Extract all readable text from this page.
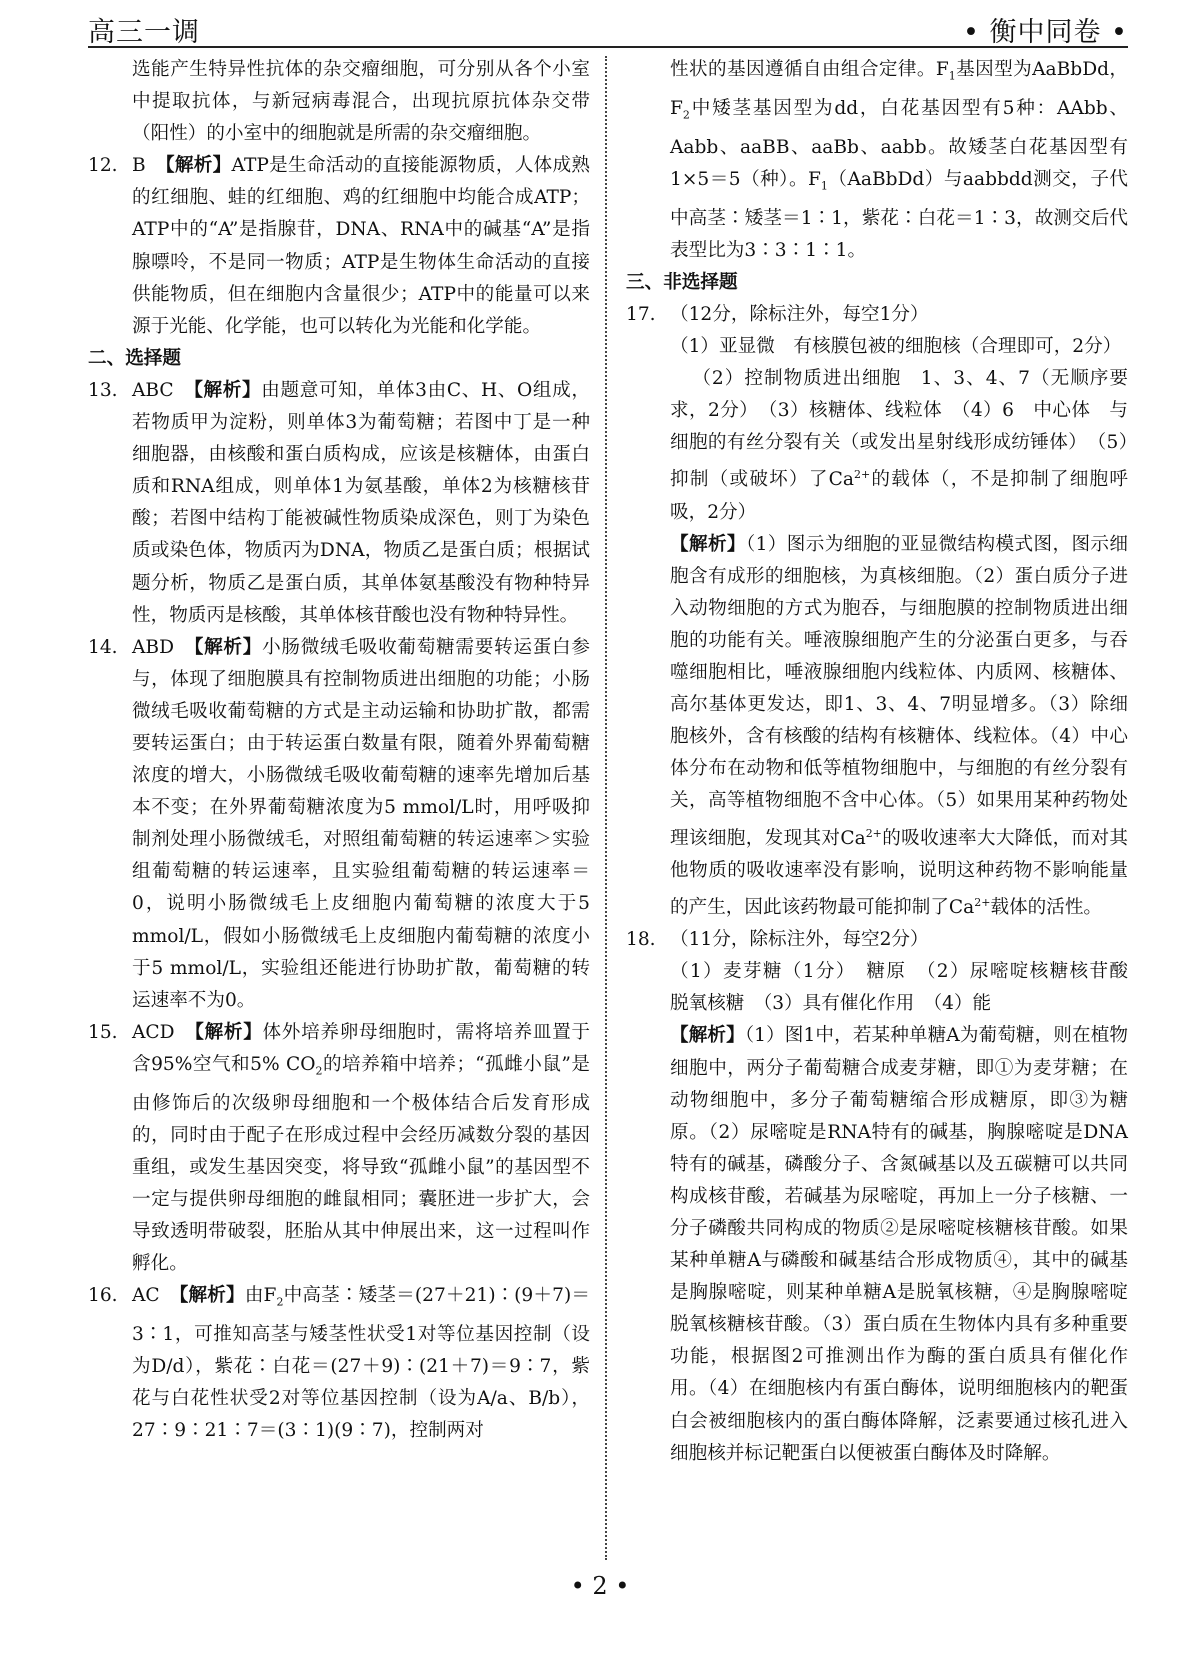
高三一调	• 衡中同卷 •

选能产生特异性抗体的杂交瘤细胞，可分别从各个小室中提取抗体，与新冠病毒混合，出现抗原抗体杂交带（阳性）的小室中的细胞就是所需的杂交瘤细胞。

12. B 【解析】ATP是生命活动的直接能源物质，人体成熟的红细胞、蛙的红细胞、鸡的红细胞中均能合成ATP；ATP中的“A”是指腺苷，DNA、RNA中的碱基“A”是指腺嘌呤，不是同一物质；ATP是生物体生命活动的直接供能物质，但在细胞内含量很少；ATP中的能量可以来源于光能、化学能，也可以转化为光能和化学能。

二、选择题

13. ABC 【解析】由题意可知，单体3由C、H、O组成，若物质甲为淀粉，则单体3为葡萄糖；若图中丁是一种细胞器，由核酸和蛋白质构成，应该是核糖体，由蛋白质和RNA组成，则单体1为氨基酸，单体2为核糖核苷酸；若图中结构丁能被碱性物质染成深色，则丁为染色质或染色体，物质丙为DNA，物质乙是蛋白质；根据试题分析，物质乙是蛋白质，其单体氨基酸没有物种特异性，物质丙是核酸，其单体核苷酸也没有物种特异性。

14. ABD 【解析】小肠微绒毛吸收葡萄糖需要转运蛋白参与，体现了细胞膜具有控制物质进出细胞的功能；小肠微绒毛吸收葡萄糖的方式是主动运输和协助扩散，都需要转运蛋白；由于转运蛋白数量有限，随着外界葡萄糖浓度的增大，小肠微绒毛吸收葡萄糖的速率先增加后基本不变；在外界葡萄糖浓度为5 mmol/L时，用呼吸抑制剂处理小肠微绒毛，对照组葡萄糖的转运速率＞实验组葡萄糖的转运速率，且实验组葡萄糖的转运速率＝0，说明小肠微绒毛上皮细胞内葡萄糖的浓度大于5 mmol/L，假如小肠微绒毛上皮细胞内葡萄糖的浓度小于5 mmol/L，实验组还能进行协助扩散，葡萄糖的转运速率不为0。

15. ACD 【解析】体外培养卵母细胞时，需将培养皿置于含95%空气和5% $CO_2$的培养箱中培养；“孤雌小鼠”是由修饰后的次级卵母细胞和一个极体结合后发育形成的，同时由于配子在形成过程中会经历减数分裂的基因重组，或发生基因突变，将导致“孤雌小鼠”的基因型不一定与提供卵母细胞的雌鼠相同；囊胚进一步扩大，会导致透明带破裂，胚胎从其中伸展出来，这一过程叫作孵化。

16. AC 【解析】由$F_2$中高茎∶矮茎＝(27＋21)∶(9＋7)＝3∶1，可推知高茎与矮茎性状受1对等位基因控制（设为D/d），紫花∶白花＝(27＋9)∶(21＋7)＝9∶7，紫花与白花性状受2对等位基因控制（设为A/a、B/b），27∶9∶21∶7＝(3∶1)(9∶7)，控制两对

性状的基因遵循自由组合定律。$F_1$基因型为AaBbDd，$F_2$中矮茎基因型为dd，白花基因型有5种：AAbb、Aabb、aaBB、aaBb、aabb。故矮茎白花基因型有1×5＝5（种）。$F_1(AaBbDd)$与aabbdd测交，子代中高茎∶矮茎＝1∶1，紫花∶白花＝1∶3，故测交后代表型比为3∶3∶1∶1。

三、非选择题

17. （12分，除标注外，每空1分）

（1）亚显微　有核膜包被的细胞核（合理即可，2分）

（2）控制物质进出细胞　1、3、4、7（无顺序要求，2分）　（3）核糖体、线粒体　（4）6　中心体　与细胞的有丝分裂有关（或发出星射线形成纺锤体）　（5）抑制（或破坏）了$Ca^{2+}$的载体（，不是抑制了细胞呼吸，2分）

【解析】（1）图示为细胞的亚显微结构模式图，图示细胞含有成形的细胞核，为真核细胞。（2）蛋白质分子进入动物细胞的方式为胞吞，与细胞膜的控制物质进出细胞的功能有关。唾液腺细胞产生的分泌蛋白更多，与吞噬细胞相比，唾液腺细胞内线粒体、内质网、核糖体、高尔基体更发达，即1、3、4、7明显增多。（3）除细胞核外，含有核酸的结构有核糖体、线粒体。（4）中心体分布在动物和低等植物细胞中，与细胞的有丝分裂有关，高等植物细胞不含中心体。（5）如果用某种药物处理该细胞，发现其对$Ca^{2+}$的吸收速率大大降低，而对其他物质的吸收速率没有影响，说明这种药物不影响能量的产生，因此该药物最可能抑制了$Ca^{2+}$载体的活性。

18. （11分，除标注外，每空2分）

（1）麦芽糖（1分）　糖原　（2）尿嘧啶核糖核苷酸　脱氧核糖　（3）具有催化作用　（4）能

【解析】（1）图1中，若某种单糖A为葡萄糖，则在植物细胞中，两分子葡萄糖合成麦芽糖，即①为麦芽糖；在动物细胞中，多分子葡萄糖缩合形成糖原，即③为糖原。（2）尿嘧啶是RNA特有的碱基，胸腺嘧啶是DNA特有的碱基，磷酸分子、含氮碱基以及五碳糖可以共同构成核苷酸，若碱基为尿嘧啶，再加上一分子核糖、一分子磷酸共同构成的物质②是尿嘧啶核糖核苷酸。如果某种单糖A与磷酸和碱基结合形成物质④，其中的碱基是胸腺嘧啶，则某种单糖A是脱氧核糖，④是胸腺嘧啶脱氧核糖核苷酸。（3）蛋白质在生物体内具有多种重要功能，根据图2可推测出作为酶的蛋白质具有催化作用。（4）在细胞核内有蛋白酶体，说明细胞核内的靶蛋白会被细胞核内的蛋白酶体降解，泛素要通过核孔进入细胞核并标记靶蛋白以便被蛋白酶体及时降解。

• 2 •
